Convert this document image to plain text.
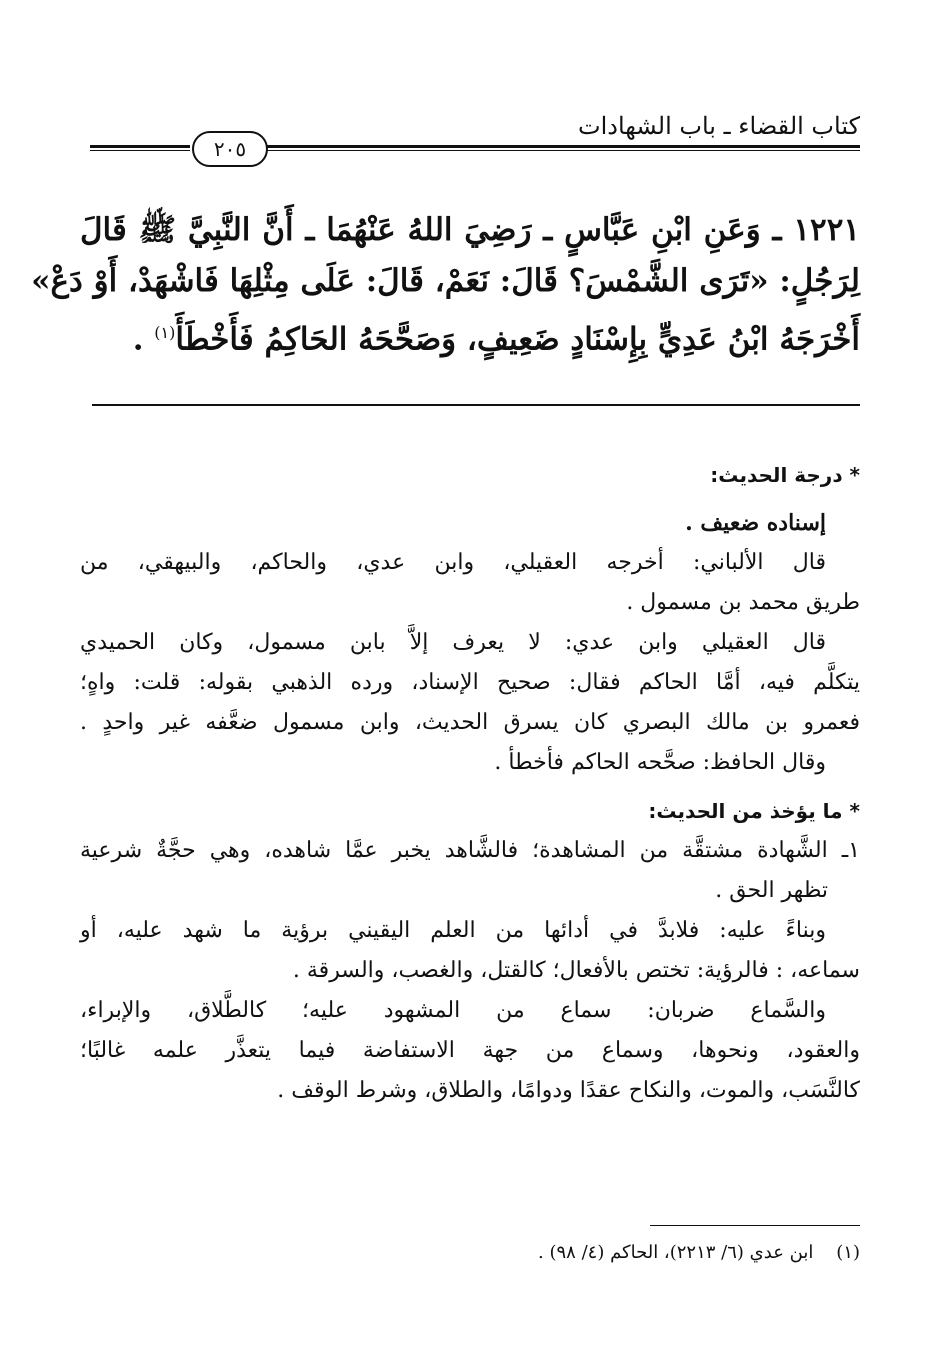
كتاب القضاء ـ باب الشهادات
٢٠٥
١٢٢١ ـ وَعَنِ ابْنِ عَبَّاسٍ ـ رَضِيَ اللهُ عَنْهُمَا ـ أَنَّ النَّبِيَّ ﷺ قَالَ
لِرَجُلٍ: «تَرَى الشَّمْسَ؟ قَالَ: نَعَمْ، قَالَ: عَلَى مِثْلِهَا فَاشْهَدْ، أَوْ دَعْ»
أَخْرَجَهُ ابْنُ عَدِيٍّ بِإِسْنَادٍ ضَعِيفٍ، وَصَحَّحَهُ الحَاكِمُ فَأَخْطَأَ$^{(١)}$ .

* درجة الحديث:

إسناده ضعيف .

قال الألباني: أخرجه العقيلي، وابن عدي، والحاكم، والبيهقي، من

طريق محمد بن مسمول .

قال العقيلي وابن عدي: لا يعرف إلاَّ بابن مسمول، وكان الحميدي

يتكلَّم فيه، أمَّا الحاكم فقال: صحيح الإسناد، ورده الذهبي بقوله: قلت: واهٍ؛

فعمرو بن مالك البصري كان يسرق الحديث، وابن مسمول ضعَّفه غير واحدٍ .

وقال الحافظ: صحَّحه الحاكم فأخطأ .

* ما يؤخذ من الحديث:

١ـ الشَّهادة مشتقَّة من المشاهدة؛ فالشَّاهد يخبر عمَّا شاهده، وهي حجَّةٌ شرعية

تظهر الحق .

وبناءً عليه: فلابدَّ في أدائها من العلم اليقيني برؤية ما شهد عليه، أو

سماعه، : فالرؤية: تختص بالأفعال؛ كالقتل، والغصب، والسرقة .

والسَّماع ضربان: سماع من المشهود عليه؛ كالطَّلاق، والإبراء،

والعقود، ونحوها، وسماع من جهة الاستفاضة فيما يتعذَّر علمه غالبًا؛

كالنَّسَب، والموت، والنكاح عقدًا ودوامًا، والطلاق، وشرط الوقف .

(١)    ابن عدي (٦/ ٢٢١٣)، الحاكم (٤/ ٩٨) .
